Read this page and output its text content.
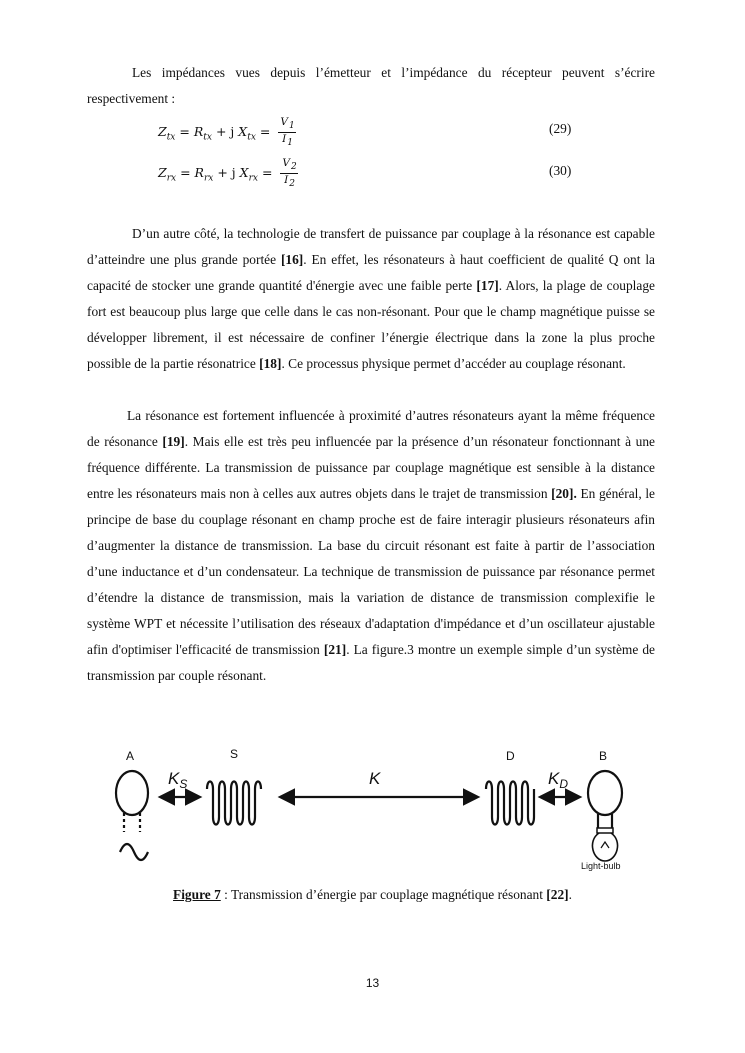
Les impédances vues depuis l’émetteur et l’impédance du récepteur peuvent s’écrire respectivement :
$Z_{tx} = R_{tx} + j$ $X_{tx} = \frac{V_1}{I_1}$	(29)
$Z_{rx} = R_{rx} + j$ $X_{rx} = \frac{V_2}{I_2}$	(30)
D’un autre côté, la technologie de transfert de puissance par couplage à la résonance est capable d’atteindre une plus grande portée [16]. En effet, les résonateurs à haut coefficient de qualité Q ont la capacité de stocker une grande quantité d'énergie avec une faible perte [17]. Alors, la plage de couplage fort est beaucoup plus large que celle dans le cas non-résonant. Pour que le champ magnétique puisse se développer librement, il est nécessaire de confiner l’énergie électrique dans la zone la plus proche possible de la partie résonatrice [18]. Ce processus physique permet d’accéder au couplage résonant.
La résonance est fortement influencée à proximité d’autres résonateurs ayant la même fréquence de résonance [19]. Mais elle est très peu influencée par la présence d’un résonateur fonctionnant à une fréquence différente. La transmission de puissance par couplage magnétique est sensible à la distance entre les résonateurs mais non à celles aux autres objets dans le trajet de transmission [20]. En général, le principe de base du couplage résonant en champ proche est de faire interagir plusieurs résonateurs afin d’augmenter la distance de transmission. La base du circuit résonant est faite à partir de l’association d’une inductance et d’un condensateur. La technique de transmission de puissance par résonance permet d’étendre la distance de transmission, mais la variation de distance de transmission complexifie le système WPT et nécessite l’utilisation des réseaux d'adaptation d'impédance et d’un oscillateur ajustable afin d'optimiser l'efficacité de transmission [21]. La figure.3 montre un exemple simple d’un système de transmission par couple résonant.
A	S	D	B
$K_S$	K	$K_D$
Light-bulb
Figure 7 : Transmission d’énergie par couplage magnétique résonant [22].
13
